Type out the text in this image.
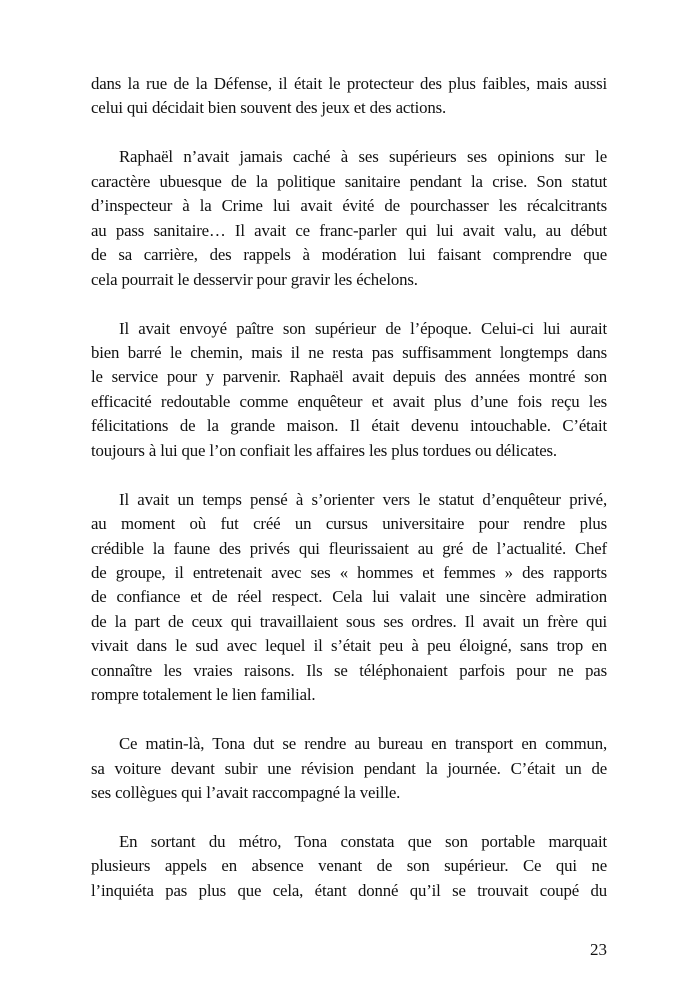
dans la rue de la Défense, il était le protecteur des plus faibles, mais aussi
celui qui décidait bien souvent des jeux et des actions.
Raphaël n’avait jamais caché à ses supérieurs ses opinions sur le
caractère ubuesque de la politique sanitaire pendant la crise. Son statut
d’inspecteur à la Crime lui avait évité de pourchasser les récalcitrants
au pass sanitaire… Il avait ce franc-parler qui lui avait valu, au début
de sa carrière, des rappels à modération lui faisant comprendre que
cela pourrait le desservir pour gravir les échelons.
Il avait envoyé paître son supérieur de l’époque. Celui-ci lui aurait
bien barré le chemin, mais il ne resta pas suffisamment longtemps dans
le service pour y parvenir. Raphaël avait depuis des années montré son
efficacité redoutable comme enquêteur et avait plus d’une fois reçu les
félicitations de la grande maison. Il était devenu intouchable. C’était
toujours à lui que l’on confiait les affaires les plus tordues ou délicates.
Il avait un temps pensé à s’orienter vers le statut d’enquêteur privé,
au moment où fut créé un cursus universitaire pour rendre plus
crédible la faune des privés qui fleurissaient au gré de l’actualité. Chef
de groupe, il entretenait avec ses « hommes et femmes » des rapports
de confiance et de réel respect. Cela lui valait une sincère admiration
de la part de ceux qui travaillaient sous ses ordres. Il avait un frère qui
vivait dans le sud avec lequel il s’était peu à peu éloigné, sans trop en
connaître les vraies raisons. Ils se téléphonaient parfois pour ne pas
rompre totalement le lien familial.
Ce matin-là, Tona dut se rendre au bureau en transport en commun,
sa voiture devant subir une révision pendant la journée. C’était un de
ses collègues qui l’avait raccompagné la veille.
En sortant du métro, Tona constata que son portable marquait
plusieurs appels en absence venant de son supérieur. Ce qui ne
l’inquiéta pas plus que cela, étant donné qu’il se trouvait coupé du
23
